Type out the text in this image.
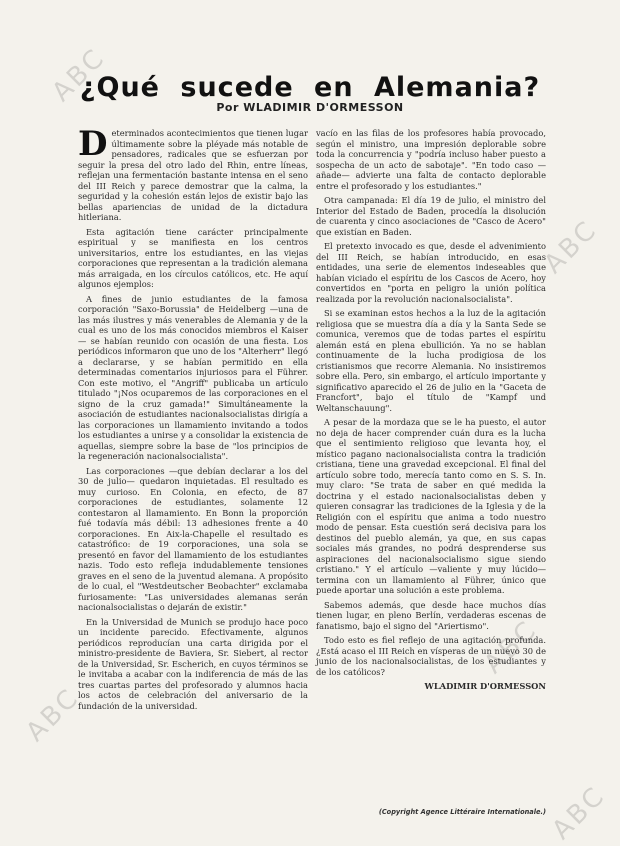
ABC
ABC
ABC
ABC
ABC
¿Qué sucede en Alemania?
Por WLADIMIR D'ORMESSON

Determinados acontecimientos que tienen lugar últimamente sobre la pléyade más notable de pensadores, radicales que se esfuerzan por seguir la presa del otro lado del Rhin, entre líneas, reflejan una fermentación bastante intensa en el seno del III Reich y parece demostrar que la calma, la seguridad y la cohesión están lejos de existir bajo las bellas apariencias de unidad de la dictadura hitleriana.

Esta agitación tiene carácter principalmente espiritual y se manifiesta en los centros universitarios, entre los estudiantes, en las viejas corporaciones que representan a la tradición alemana más arraigada, en los círculos católicos, etc. He aquí algunos ejemplos:

A fines de junio estudiantes de la famosa corporación "Saxo-Borussia" de Heidelberg —una de las más ilustres y más venerables de Alemania y de la cual es uno de los más conocidos miembros el Kaiser— se habían reunido con ocasión de una fiesta. Los periódicos informaron que uno de los "Alterherr" llegó a declararse, y se habían permitido en ella determinadas comentarios injuriosos para el Führer. Con este motivo, el "Angriff" publicaba un artículo titulado "¡Nos ocuparemos de las corporaciones en el signo de la cruz gamada!" Simultáneamente la asociación de estudiantes nacionalsocialistas dirigía a las corporaciones un llamamiento invitando a todos los estudiantes a unirse y a consolidar la existencia de aquellas, siempre sobre la base de "los principios de la regeneración nacionalsocialista".

Las corporaciones —que debían declarar a los del 30 de julio— quedaron inquietadas. El resultado es muy curioso. En Colonia, en efecto, de 87 corporaciones de estudiantes, solamente 12 contestaron al llamamiento. En Bonn la proporción fué todavía más débil: 13 adhesiones frente a 40 corporaciones. En Aix-la-Chapelle el resultado es catastrófico: de 19 corporaciones, una sola se presentó en favor del llamamiento de los estudiantes nazis. Todo esto refleja indudablemente tensiones graves en el seno de la juventud alemana. A propósito de lo cual, el "Westdeutscher Beobachter" exclamaba furiosamente: "Las universidades alemanas serán nacionalsocialistas o dejarán de existir."

En la Universidad de Munich se produjo hace poco un incidente parecido. Efectivamente, algunos periódicos reproducían una carta dirigida por el ministro-presidente de Baviera, Sr. Siebert, al rector de la Universidad, Sr. Escherich, en cuyos términos se le invitaba a acabar con la indiferencia de más de las tres cuartas partes del profesorado y alumnos hacia los actos de celebración del aniversario de la fundación de la universidad.

vacío en las filas de los profesores había provocado, según el ministro, una impresión deplorable sobre toda la concurrencia y "podría incluso haber puesto a sospecha de un acto de sabotaje". "En todo caso —añade— advierte una falta de contacto deplorable entre el profesorado y los estudiantes."

Otra campanada: El día 19 de julio, el ministro del Interior del Estado de Baden, procedía la disolución de cuarenta y cinco asociaciones de "Casco de Acero" que existían en Baden.

El pretexto invocado es que, desde el advenimiento del III Reich, se habían introducido, en esas entidades, una serie de elementos indeseables que habían viciado el espíritu de los Cascos de Acero, hoy convertidos en "porta en peligro la unión política realizada por la revolución nacionalsocialista".

Si se examinan estos hechos a la luz de la agitación religiosa que se muestra día a día y la Santa Sede se comunica, veremos que de todas partes el espíritu alemán está en plena ebullición. Ya no se hablan continuamente de la lucha prodigiosa de los cristianismos que recorre Alemania. No insistiremos sobre ella. Pero, sin embargo, el artículo importante y significativo aparecido el 26 de julio en la "Gaceta de Francfort", bajo el título de "Kampf und Weltanschauung".

A pesar de la mordaza que se le ha puesto, el autor no deja de hacer comprender cuán dura es la lucha que el sentimiento religioso que levanta hoy, el místico pagano nacionalsocialista contra la tradición cristiana, tiene una gravedad excepcional. El final del artículo sobre todo, merecía tanto como en S. S. In. muy claro: "Se trata de saber en qué medida la doctrina y el estado nacionalsocialistas deben y quieren consagrar las tradiciones de la Iglesia y de la Religión con el espíritu que anima a todo nuestro modo de pensar. Esta cuestión será decisiva para los destinos del pueblo alemán, ya que, en sus capas sociales más grandes, no podrá desprenderse sus aspiraciones del nacionalsocialismo sigue siendo cristiano." Y el artículo —valiente y muy lúcido— termina con un llamamiento al Führer, único que puede aportar una solución a este problema.

Sabemos además, que desde hace muchos días tienen lugar, en pleno Berlín, verdaderas escenas de fanatismo, bajo el signo del "Ariertismo".

Todo esto es fiel reflejo de una agitación profunda. ¿Está acaso el III Reich en vísperas de un nuevo 30 de junio de los nacionalsocialistas, de los estudiantes y de los católicos?

WLADIMIR D'ORMESSON

(Copyright Agence Littéraire Internationale.)
